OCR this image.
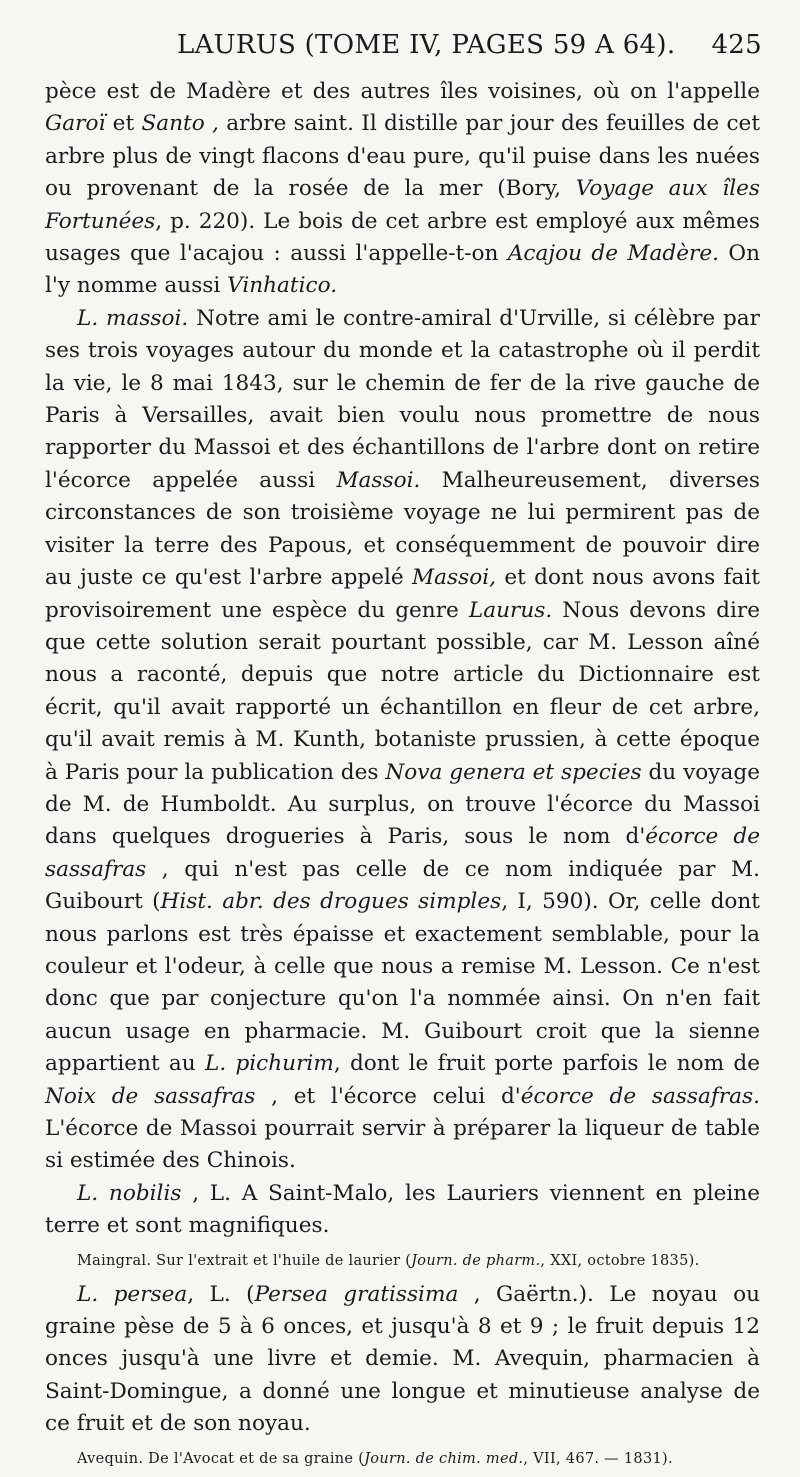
LAURUS (TOME IV, PAGES 59 A 64). 425

pèce est de Madère et des autres îles voisines, où on l'appelle Garoï et Santo , arbre saint. Il distille par jour des feuilles de cet arbre plus de vingt flacons d'eau pure, qu'il puise dans les nuées ou provenant de la rosée de la mer (Bory, Voyage aux îles Fortunées, p. 220). Le bois de cet arbre est employé aux mêmes usages que l'acajou : aussi l'appelle-t-on Acajou de Madère. On l'y nomme aussi Vinhatico.

L. massoi. Notre ami le contre-amiral d'Urville, si célèbre par ses trois voyages autour du monde et la catastrophe où il perdit la vie, le 8 mai 1843, sur le chemin de fer de la rive gauche de Paris à Versailles, avait bien voulu nous promettre de nous rapporter du Massoi et des échantillons de l'arbre dont on retire l'écorce appelée aussi Massoi. Malheureusement, diverses circonstances de son troisième voyage ne lui permirent pas de visiter la terre des Papous, et conséquemment de pouvoir dire au juste ce qu'est l'arbre appelé Massoi, et dont nous avons fait provisoirement une espèce du genre Laurus. Nous devons dire que cette solution serait pourtant possible, car M. Lesson aîné nous a raconté, depuis que notre article du Dictionnaire est écrit, qu'il avait rapporté un échantillon en fleur de cet arbre, qu'il avait remis à M. Kunth, botaniste prussien, à cette époque à Paris pour la publication des Nova genera et species du voyage de M. de Humboldt. Au surplus, on trouve l'écorce du Massoi dans quelques drogueries à Paris, sous le nom d'écorce de sassafras , qui n'est pas celle de ce nom indiquée par M. Guibourt (Hist. abr. des drogues simples, I, 590). Or, celle dont nous parlons est très épaisse et exactement semblable, pour la couleur et l'odeur, à celle que nous a remise M. Lesson. Ce n'est donc que par conjecture qu'on l'a nommée ainsi. On n'en fait aucun usage en pharmacie. M. Guibourt croit que la sienne appartient au L. pichurim, dont le fruit porte parfois le nom de Noix de sassafras , et l'écorce celui d'écorce de sassafras. L'écorce de Massoi pourrait servir à préparer la liqueur de table si estimée des Chinois.

L. nobilis , L. A Saint-Malo, les Lauriers viennent en pleine terre et sont magnifiques.

Maingral. Sur l'extrait et l'huile de laurier (Journ. de pharm., XXI, octobre 1835).

L. persea, L. (Persea gratissima , Gaërtn.). Le noyau ou graine pèse de 5 à 6 onces, et jusqu'à 8 et 9 ; le fruit depuis 12 onces jusqu'à une livre et demie. M. Avequin, pharmacien à Saint-Domingue, a donné une longue et minutieuse analyse de ce fruit et de son noyau.

Avequin. De l'Avocat et de sa graine (Journ. de chim. med., VII, 467. — 1831).
